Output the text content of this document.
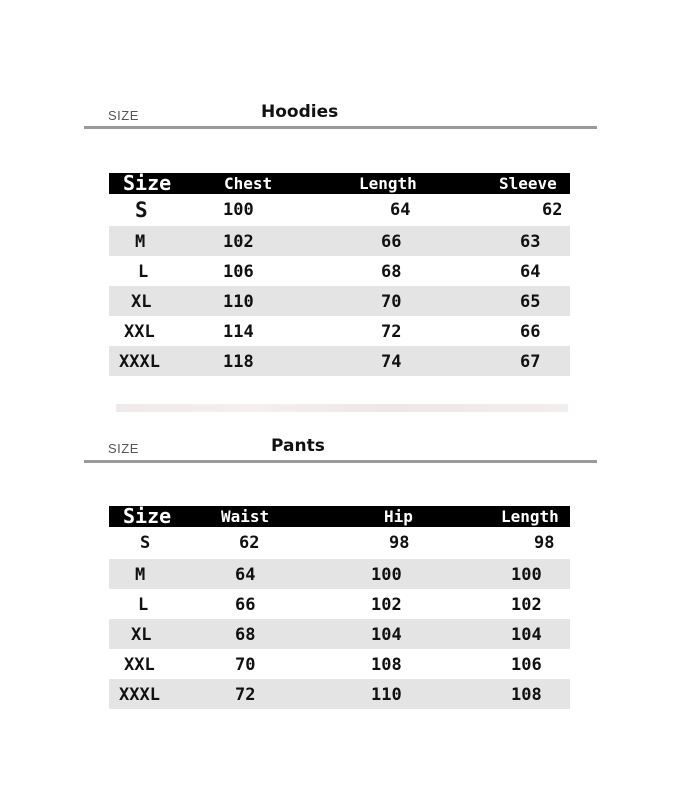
SIZE	Hoodies
Size	Chest	Length	Sleeve
S	100	64	62
M	102	66	63
L	106	68	64
XL	110	70	65
XXL	114	72	66
XXXL	118	74	67
SIZE	Pants
Size	Waist	Hip	Length
S	62	98	98
M	64	100	100
L	66	102	102
XL	68	104	104
XXL	70	108	106
XXXL	72	110	108
